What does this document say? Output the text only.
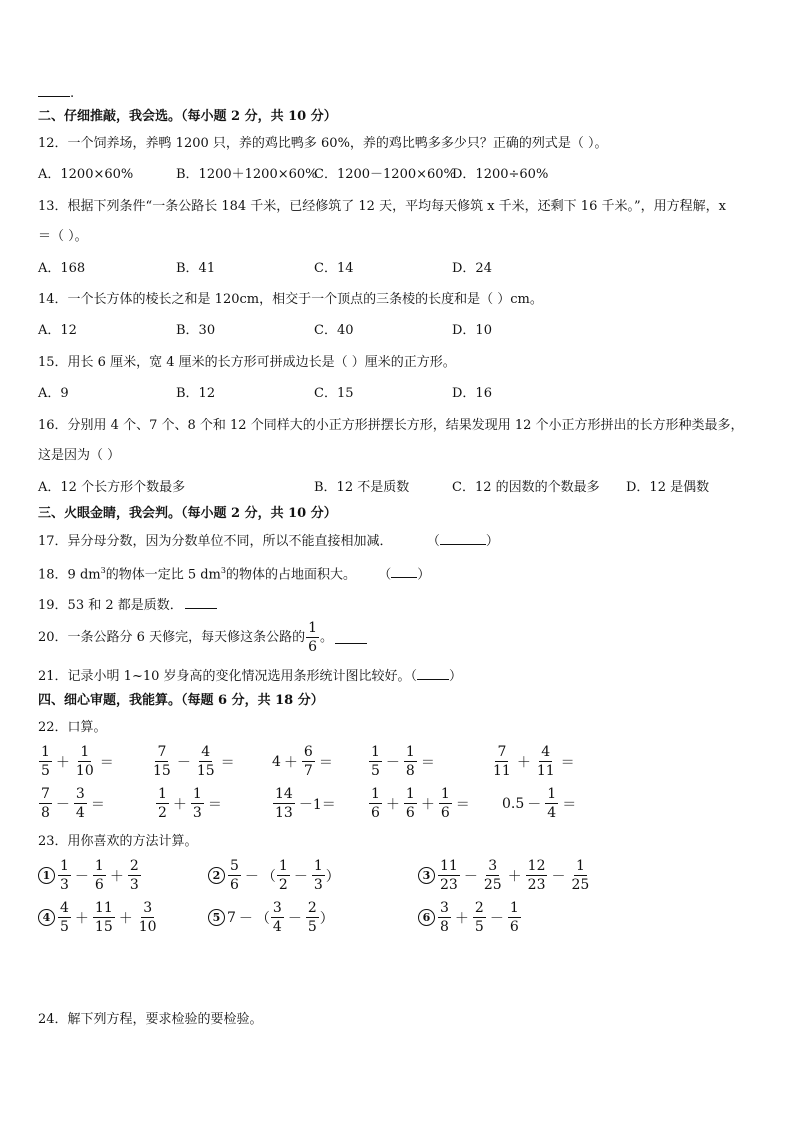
.
二、仔细推敲，我会选。（每小题 2 分，共 10 分）
12．一个饲养场，养鸭 1200 只，养的鸡比鸭多 60%，养的鸡比鸭多多少只？正确的列式是（ ）。
A．1200×60%	B．1200＋1200×60%
C．1200－1200×60%
D．1200÷60%
13．根据下列条件“一条公路长 184 千米，已经修筑了 12 天，平均每天修筑 x 千米，还剩下 16 千米。”，用方程解，x
＝（ ）。
A．168	B．41	C．14	D．24
14．一个长方体的棱长之和是 120cm，相交于一个顶点的三条棱的长度和是（ ）cm。
A．12	B．30	C．40	D．10
15．用长 6 厘米，宽 4 厘米的长方形可拼成边长是（ ）厘米的正方形。
A．9	B．12	C．15	D．16
16．分别用 4 个、7 个、8 个和 12 个同样大的小正方形拼摆长方形，结果发现用 12 个小正方形拼出的长方形种类最多，
这是因为（ ）
A．12 个长方形个数最多	B．12 不是质数	C．12 的因数的个数最多 D．12 是偶数
三、火眼金睛，我会判。（每小题 2 分，共 10 分）
17．异分母分数，因为分数单位不同，所以不能直接相加减．	（	）
18．9 $dm^3$的物体一定比 5 $dm^3$的物体的占地面积大。 （ ）
19．53 和 2 都是质数．
20．一条公路分 6 天修完，每天修这条公路的 $\frac{1}{6}$ 。
21．记录小明 1~10 岁身高的变化情况选用条形统计图比较好。（ ）
四、细心审题，我能算。（每题 6 分，共 18 分）
22．口算。
$\frac{1}{5} + \frac{1}{10}$ ＝	$\frac{7}{15} - \frac{4}{15}$ ＝	$4 + \frac{6}{7}$ ＝	$\frac{1}{5} - \frac{1}{8}$ ＝	$\frac{7}{11} + \frac{4}{11}$ ＝
$\frac{7}{8} - \frac{3}{4}$ ＝	$\frac{1}{2} + \frac{1}{3}$ ＝	$\frac{14}{13} -1= \frac{1}{6} + \frac{1}{6} + \frac{1}{6} = 0.5 - \frac{1}{4}$ ＝
23．用你喜欢的方法计算。
$1 \frac{1}{3} - \frac{1}{6} + \frac{2}{3}$	$2 \frac{5}{6}$ － （ $\frac{1}{2} - \frac{1}{3}$ ）	$3 \frac{11}{23} - \frac{3}{25} + \frac{12}{23} - \frac{1}{25}$
$4 \frac{4}{5} + \frac{11}{15} + \frac{3}{10}$	5 7 － （ $\frac{3}{4} - \frac{2}{5}$ ）	$6 \frac{3}{8} + \frac{2}{5} - \frac{1}{6}$
24．解下列方程，要求检验的要检验。
